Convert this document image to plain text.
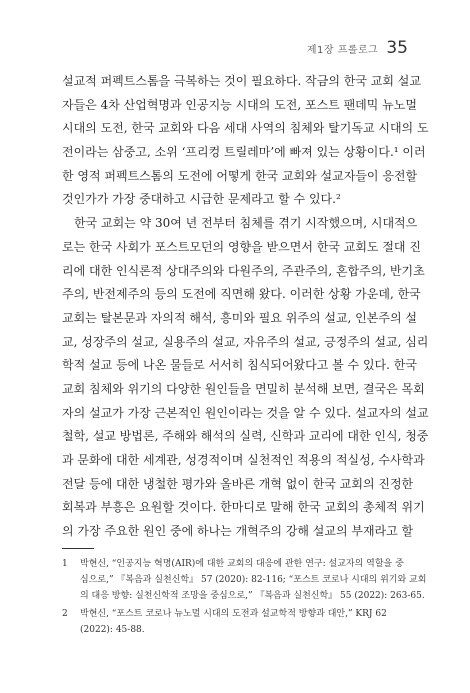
제1장 프롤로그 35
설교적 퍼펙트스톰을 극복하는 것이 필요하다. 작금의 한국 교회 설교
자들은 4차 산업혁명과 인공지능 시대의 도전, 포스트 팬데믹 뉴노멀
시대의 도전, 한국 교회와 다음 세대 사역의 침체와 탈기독교 시대의 도
전이라는 삼중고, 소위 ‘프리컹 트릴레마’에 빠져 있는 상황이다.¹ 이러
한 영적 퍼펙트스톰의 도전에 어떻게 한국 교회와 설교자들이 응전할
것인가가 가장 중대하고 시급한 문제라고 할 수 있다.²
한국 교회는 약 30여 년 전부터 침체를 겪기 시작했으며, 시대적으
로는 한국 사회가 포스트모던의 영향을 받으면서 한국 교회도 절대 진
리에 대한 인식론적 상대주의와 다원주의, 주관주의, 혼합주의, 반기초
주의, 반전제주의 등의 도전에 직면해 왔다. 이러한 상황 가운데, 한국
교회는 탈본문과 자의적 해석, 흥미와 필요 위주의 설교, 인본주의 설
교, 성장주의 설교, 실용주의 설교, 자유주의 설교, 긍정주의 설교, 심리
학적 설교 등에 나온 물들로 서서히 침식되어왔다고 볼 수 있다. 한국
교회 침체와 위기의 다양한 원인들을 면밀히 분석해 보면, 결국은 목회
자의 설교가 가장 근본적인 원인이라는 것을 알 수 있다. 설교자의 설교
철학, 설교 방법론, 주해와 해석의 실력, 신학과 교리에 대한 인식, 청중
과 문화에 대한 세계관, 성경적이며 실천적인 적용의 적실성, 수사학과
전달 등에 대한 냉철한 평가와 올바른 개혁 없이 한국 교회의 진정한
회복과 부흥은 요원할 것이다. 한마디로 말해 한국 교회의 총체적 위기
의 가장 주요한 원인 중에 하나는 개혁주의 강해 설교의 부재라고 할
1	박현신, “인공지능 혁명(AIR)에 대한 교회의 대응에 관한 연구: 설교자의 역할을 중
심으로,” 『복음과 실천신학』 57 (2020): 82-116; “포스트 코로나 시대의 위기와 교회
의 대응 방향: 실천신학적 조망을 중심으로,” 『복음과 실천신학』 55 (2022): 263-65.
2	박현신, “포스트 코로나 뉴노멀 시대의 도전과 설교학적 방향과 대안,” KRJ 62
(2022): 45-88.
